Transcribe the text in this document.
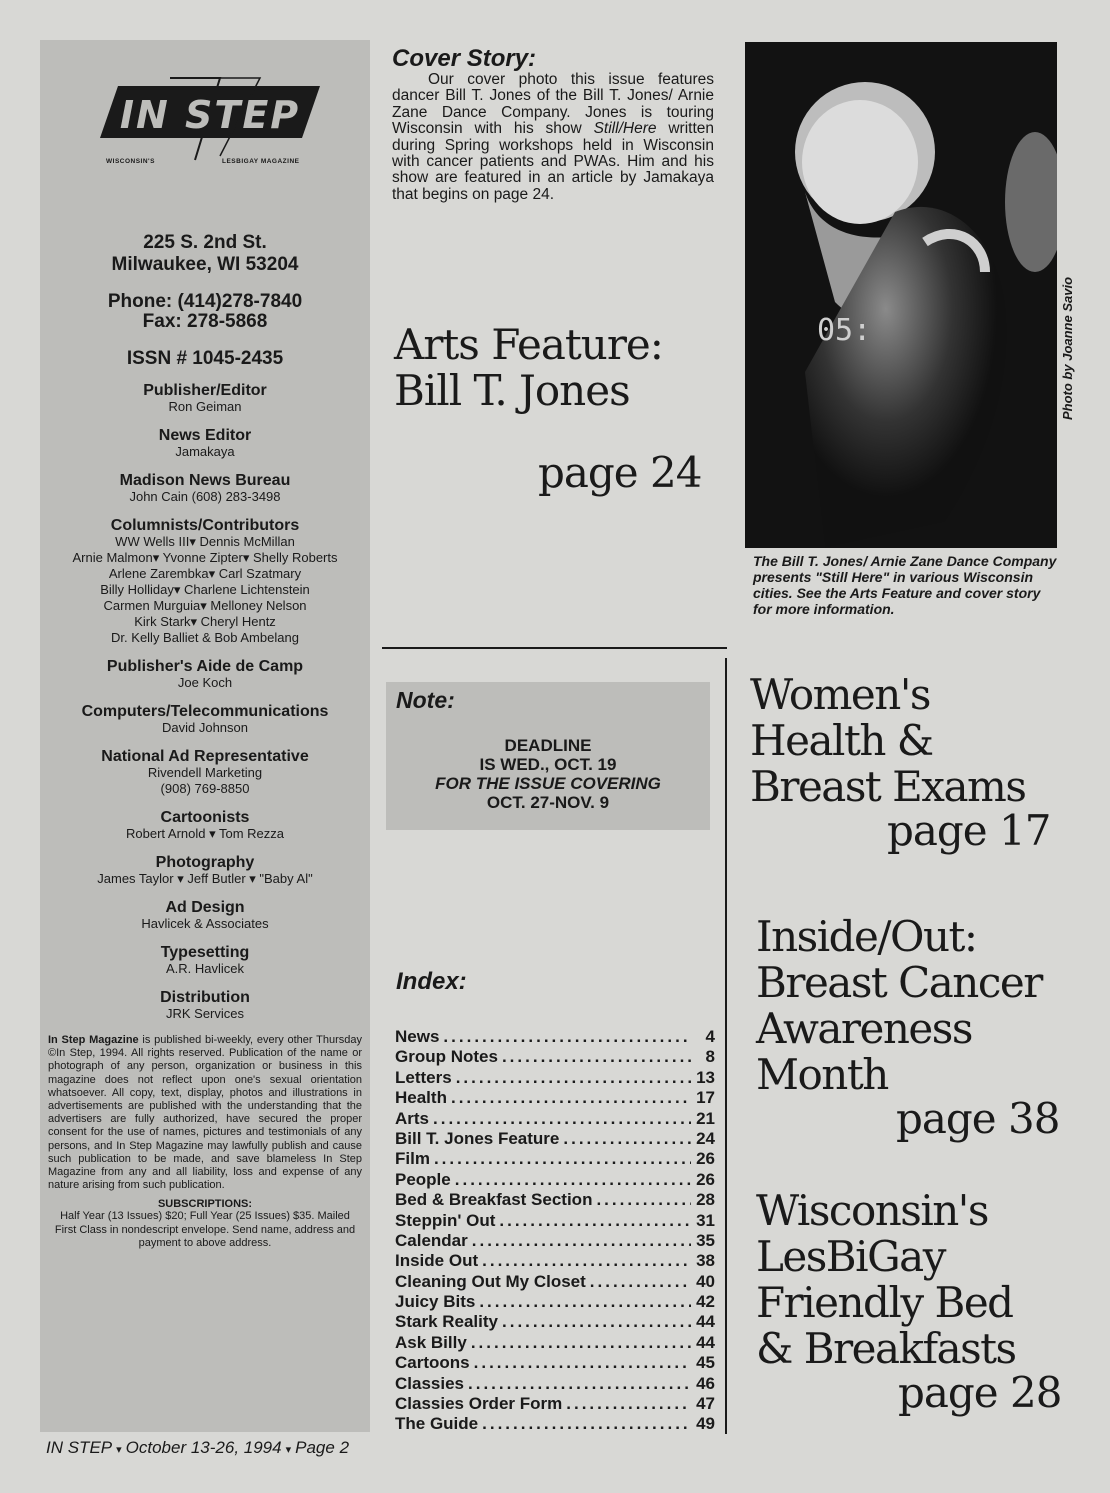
IN STEP
WISCONSIN'S	LESBIGAY MAGAZINE
225 S. 2nd St.
Milwaukee, WI 53204
Phone: (414)278-7840
Fax: 278-5868
ISSN # 1045-2435
Publisher/Editor
Ron Geiman
News Editor
Jamakaya
Madison News Bureau
John Cain (608) 283-3498
Columnists/Contributors
WW Wells III▾ Dennis McMillan
Arnie Malmon▾ Yvonne Zipter▾ Shelly Roberts
Arlene Zarembka▾ Carl Szatmary
Billy Holliday▾ Charlene Lichtenstein
Carmen Murguia▾ Melloney Nelson
Kirk Stark▾ Cheryl Hentz
Dr. Kelly Balliet & Bob Ambelang
Publisher's Aide de Camp
Joe Koch
Computers/Telecommunications
David Johnson
National Ad Representative
Rivendell Marketing
(908) 769-8850
Cartoonists
Robert Arnold ▾ Tom Rezza
Photography
James Taylor ▾ Jeff Butler ▾ "Baby Al"
Ad Design
Havlicek & Associates
Typesetting
A.R. Havlicek
Distribution
JRK Services
In Step Magazine is published bi-weekly, every other Thursday ©In Step, 1994. All rights reserved. Publication of the name or photograph of any person, organization or business in this magazine does not reflect upon one's sexual orientation whatsoever. All copy, text, display, photos and illustrations in advertisements are published with the understanding that the advertisers are fully authorized, have secured the proper consent for the use of names, pictures and testimonials of any persons, and In Step Magazine may lawfully publish and cause such publication to be made, and save blameless In Step Magazine from any and all liability, loss and expense of any nature arising from such publication.
SUBSCRIPTIONS:
Half Year (13 Issues) $20; Full Year (25 Issues) $35. Mailed First Class in nondescript envelope. Send name, address and payment to above address.
Cover Story:

Our cover photo this issue features dancer Bill T. Jones of the Bill T. Jones/ Arnie Zane Dance Company. Jones is touring Wisconsin with his show Still/Here written during Spring workshops held in Wisconsin with cancer patients and PWAs. Him and his show are featured in an article by Jamakaya that begins on page 24.

Arts Feature:
Bill T. Jones
page 24
05:	Photo by Joanne Savio
The Bill T. Jones/ Arnie Zane Dance Company presents "Still Here" in various Wisconsin cities. See the Arts Feature and cover story for more information.
Note:
DEADLINE
IS WED., OCT. 19
FOR THE ISSUE COVERING
OCT. 27-NOV. 9
Index:
News .....	4
Group Notes .....	8
Letters .....	13
Health .....	17
Arts .....	21
Bill T. Jones Feature .....	24
Film .....	26
People .....	26
Bed & Breakfast Section .....	28
Steppin' Out .....	31
Calendar .....	35
Inside Out .....	38
Cleaning Out My Closet .....	40
Juicy Bits .....	42
Stark Reality .....	44
Ask Billy .....	44
Cartoons .....	45
Classies .....	46
Classies Order Form .....	47
The Guide .....	49
Women's
Health &
Breast Exams
page 17
Inside/Out:
Breast Cancer
Awareness
Month
page 38
Wisconsin's
LesBiGay
Friendly Bed
& Breakfasts
page 28
IN STEP ▾ October 13-26, 1994 ▾ Page 2
